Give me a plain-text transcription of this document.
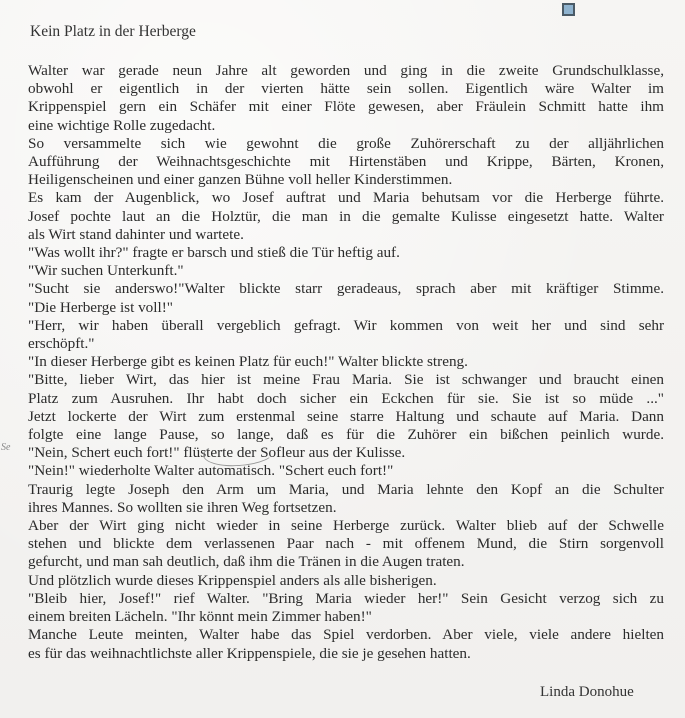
Kein Platz in der Herberge
Walter war gerade neun Jahre alt geworden und ging in die zweite Grundschulklasse,
obwohl er eigentlich in der vierten hätte sein sollen. Eigentlich wäre Walter im
Krippenspiel gern ein Schäfer mit einer Flöte gewesen, aber Fräulein Schmitt hatte ihm
eine wichtige Rolle zugedacht.
So versammelte sich wie gewohnt die große Zuhörerschaft zu der alljährlichen
Aufführung der Weihnachtsgeschichte mit Hirtenstäben und Krippe, Bärten, Kronen,
Heiligenscheinen und einer ganzen Bühne voll heller Kinderstimmen.
Es kam der Augenblick, wo Josef auftrat und Maria behutsam vor die Herberge führte.
Josef pochte laut an die Holztür, die man in die gemalte Kulisse eingesetzt hatte. Walter
als Wirt stand dahinter und wartete.
"Was wollt ihr?" fragte er barsch und stieß die Tür heftig auf.
"Wir suchen Unterkunft."
"Sucht sie anderswo!"Walter blickte starr geradeaus, sprach aber mit kräftiger Stimme.
"Die Herberge ist voll!"
"Herr, wir haben überall vergeblich gefragt. Wir kommen von weit her und sind sehr
erschöpft."
"In dieser Herberge gibt es keinen Platz für euch!" Walter blickte streng.
"Bitte, lieber Wirt, das hier ist meine Frau Maria. Sie ist schwanger und braucht einen
Platz zum Ausruhen. Ihr habt doch sicher ein Eckchen für sie. Sie ist so müde ..."
Jetzt lockerte der Wirt zum erstenmal seine starre Haltung und schaute auf Maria. Dann
folgte eine lange Pause, so lange, daß es für die Zuhörer ein bißchen peinlich wurde.
"Nein, Schert euch fort!" flüsterte der Sofleur aus der Kulisse.
"Nein!" wiederholte Walter automatisch. "Schert euch fort!"
Traurig legte Joseph den Arm um Maria, und Maria lehnte den Kopf an die Schulter
ihres Mannes. So wollten sie ihren Weg fortsetzen.
Aber der Wirt ging nicht wieder in seine Herberge zurück. Walter blieb auf der Schwelle
stehen und blickte dem verlassenen Paar nach - mit offenem Mund, die Stirn sorgenvoll
gefurcht, und man sah deutlich, daß ihm die Tränen in die Augen traten.
Und plötzlich wurde dieses Krippenspiel anders als alle bisherigen.
"Bleib hier, Josef!" rief Walter. "Bring Maria wieder her!" Sein Gesicht verzog sich zu
einem breiten Lächeln. "Ihr könnt mein Zimmer haben!"
Manche Leute meinten, Walter habe das Spiel verdorben. Aber viele, viele andere hielten
es für das weihnachtlichste aller Krippenspiele, die sie je gesehen hatten.
Se
Linda Donohue
